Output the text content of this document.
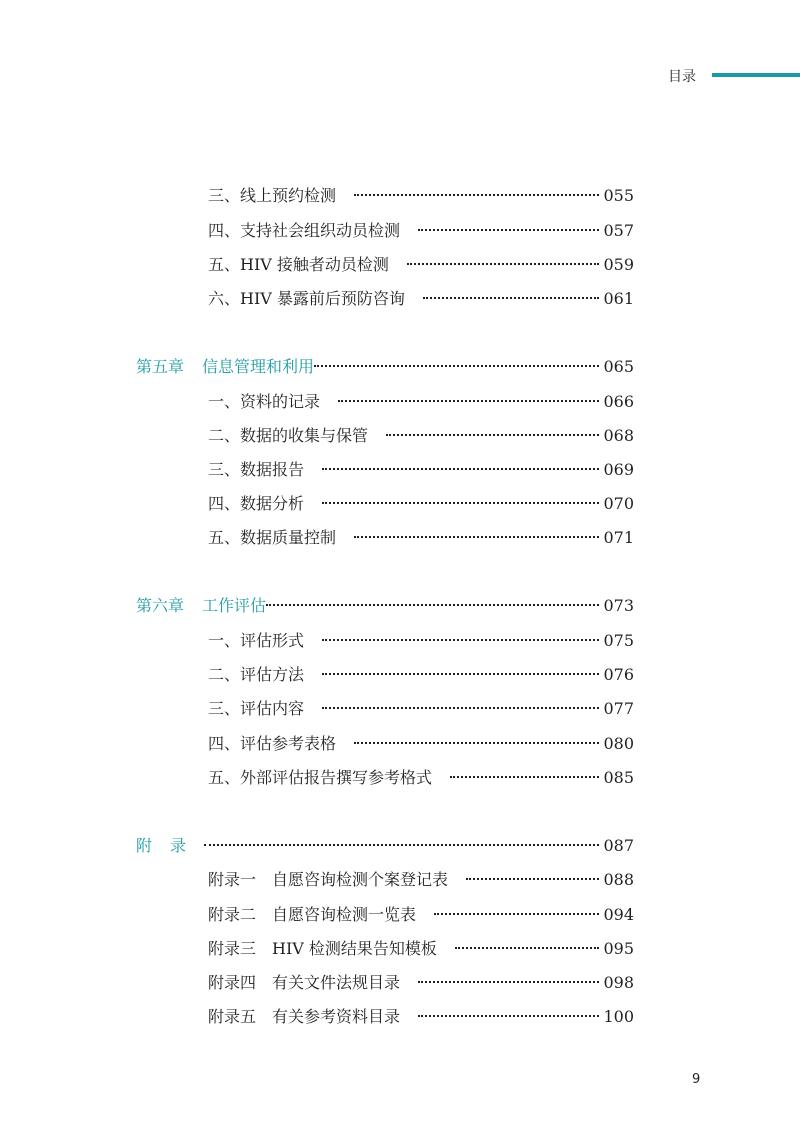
目录
三、线上预约检测	055
四、支持社会组织动员检测	057
五、HIV 接触者动员检测	059
六、HIV 暴露前后预防咨询	061
第五章 信息管理和利用	065
一、资料的记录	066
二、数据的收集与保管	068
三、数据报告	069
四、数据分析	070
五、数据质量控制	071
第六章 工作评估	073
一、评估形式	075
二、评估方法	076
三、评估内容	077
四、评估参考表格	080
五、外部评估报告撰写参考格式	085
附录	087
附录一　自愿咨询检测个案登记表	088
附录二　自愿咨询检测一览表	094
附录三　HIV 检测结果告知模板	095
附录四　有关文件法规目录	098
附录五　有关参考资料目录	100
9
